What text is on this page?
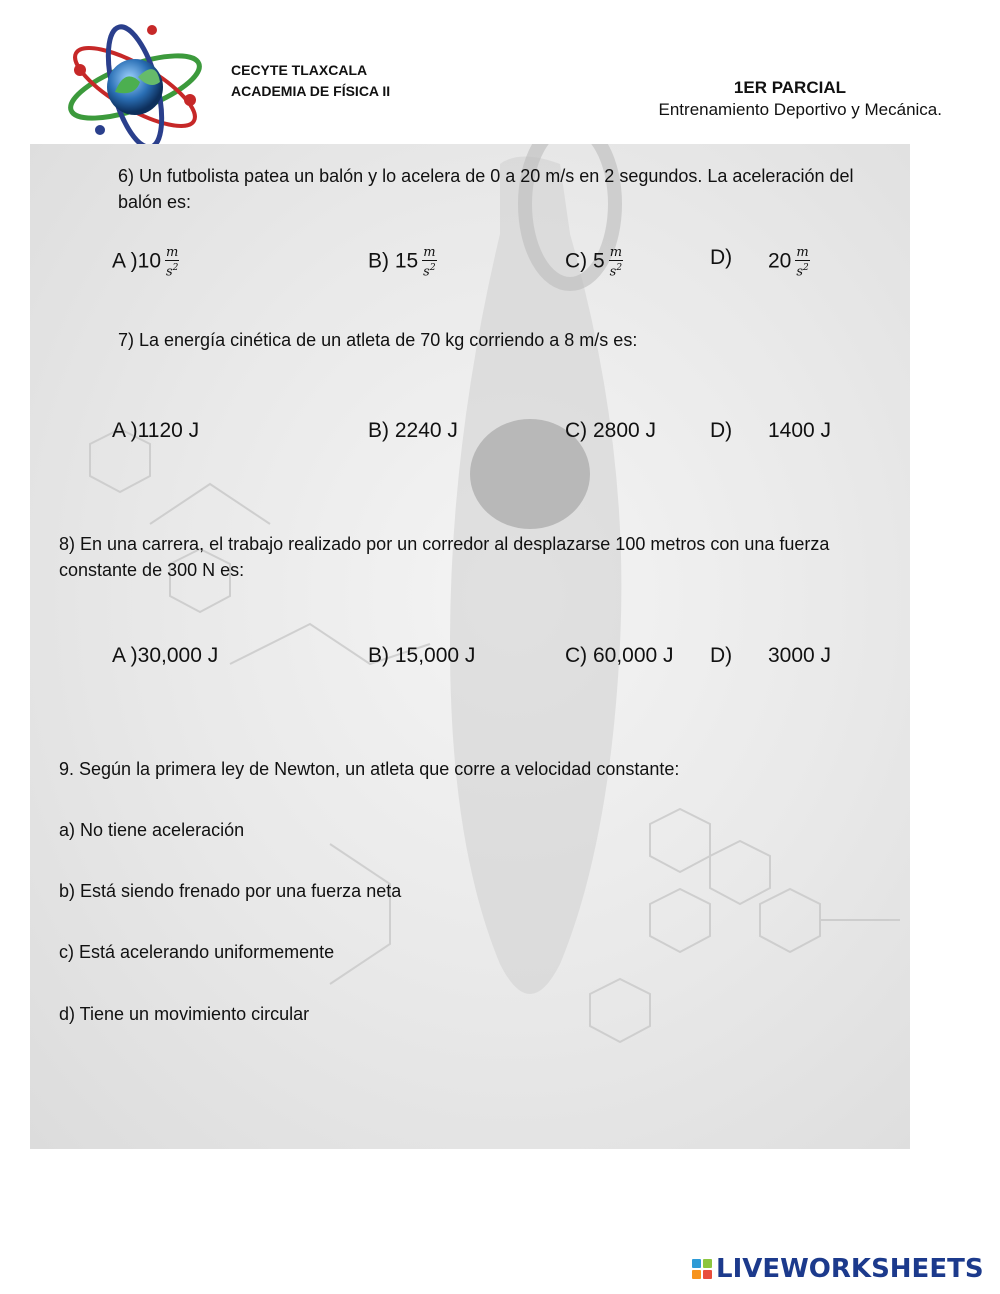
CECYTE TLAXCALA
ACADEMIA DE FÍSICA II	1ER PARCIAL
Entrenamiento Deportivo y Mecánica.
6) Un futbolista patea un balón y lo acelera de 0 a 20 m/s en 2 segundos. La aceleración del
balón es:
A )$10 \frac{m}{s^2}$	B) $15 \frac{m}{s^2}$	C) $5 \frac{m}{s^2}$	D) $20 \frac{m}{s^2}$
7) La energía cinética de un atleta de 70 kg corriendo a 8 m/s es:
A )1120 J	B) 2240 J	C) 2800 J	D) 1400 J
8) En una carrera, el trabajo realizado por un corredor al desplazarse 100 metros con una fuerza
constante de 300 N es:
A )30,000 J	B) 15,000 J	C) 60,000 J D) 3000 J
9. Según la primera ley de Newton, un atleta que corre a velocidad constante:
a) No tiene aceleración
b) Está siendo frenado por una fuerza neta
c) Está acelerando uniformemente
d) Tiene un movimiento circular
LIVEWORKSHEETS
